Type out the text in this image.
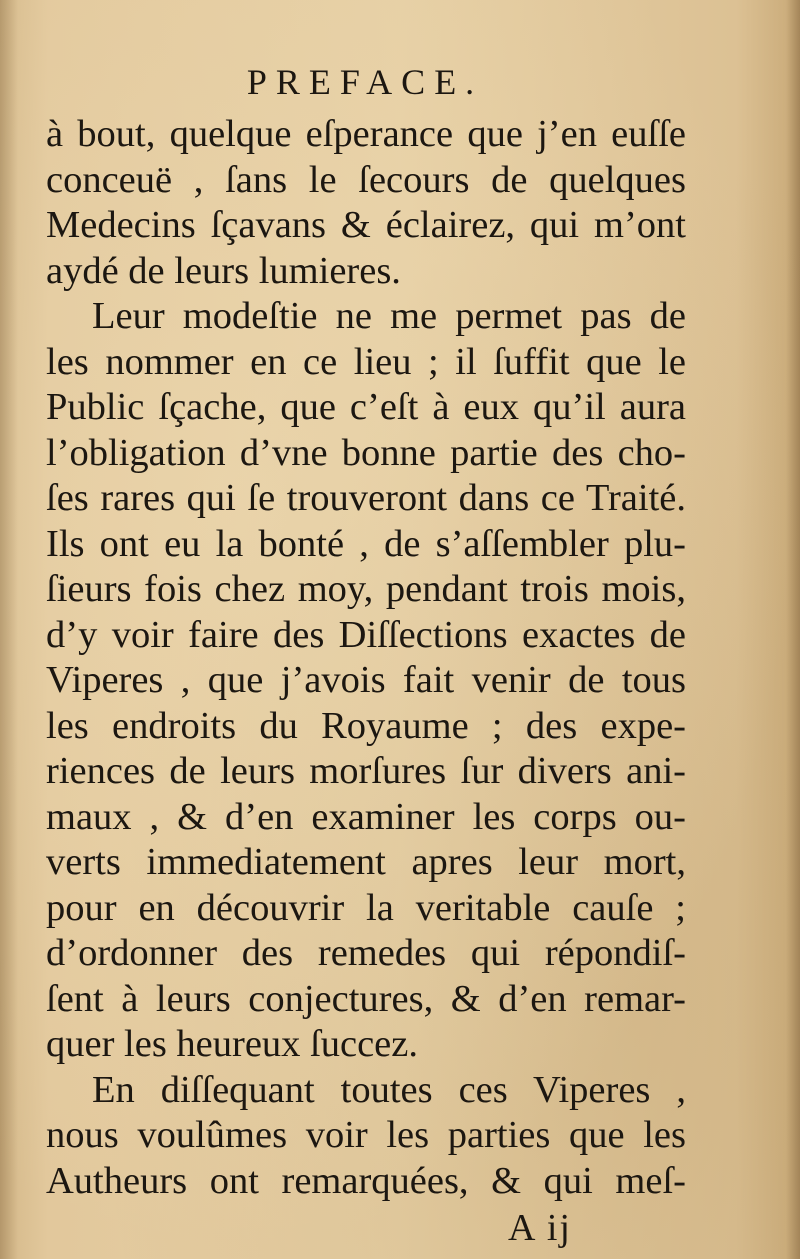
PREFACE.
à bout, quelque eſperance que j’en euſſe
conceuë , ſans le ſecours de quelques
Medecins ſçavans & éclairez, qui m’ont
aydé de leurs lumieres.
Leur modeſtie ne me permet pas de
les nommer en ce lieu ; il ſuffit que le
Public ſçache, que c’eſt à eux qu’il aura
l’obligation d’vne bonne partie des cho-
ſes rares qui ſe trouveront dans ce Traité.
Ils ont eu la bonté , de s’aſſembler plu-
ſieurs fois chez moy, pendant trois mois,
d’y voir faire des Diſſections exactes de
Viperes , que j’avois fait venir de tous
les endroits du Royaume ; des expe-
riences de leurs morſures ſur divers ani-
maux , & d’en examiner les corps ou-
verts immediatement apres leur mort,
pour en découvrir la veritable cauſe ;
d’ordonner des remedes qui répondiſ-
ſent à leurs conjectures, & d’en remar-
quer les heureux ſuccez.
En diſſequant toutes ces Viperes ,
nous voulûmes voir les parties que les
Autheurs ont remarquées, & qui meſ-
A ij
